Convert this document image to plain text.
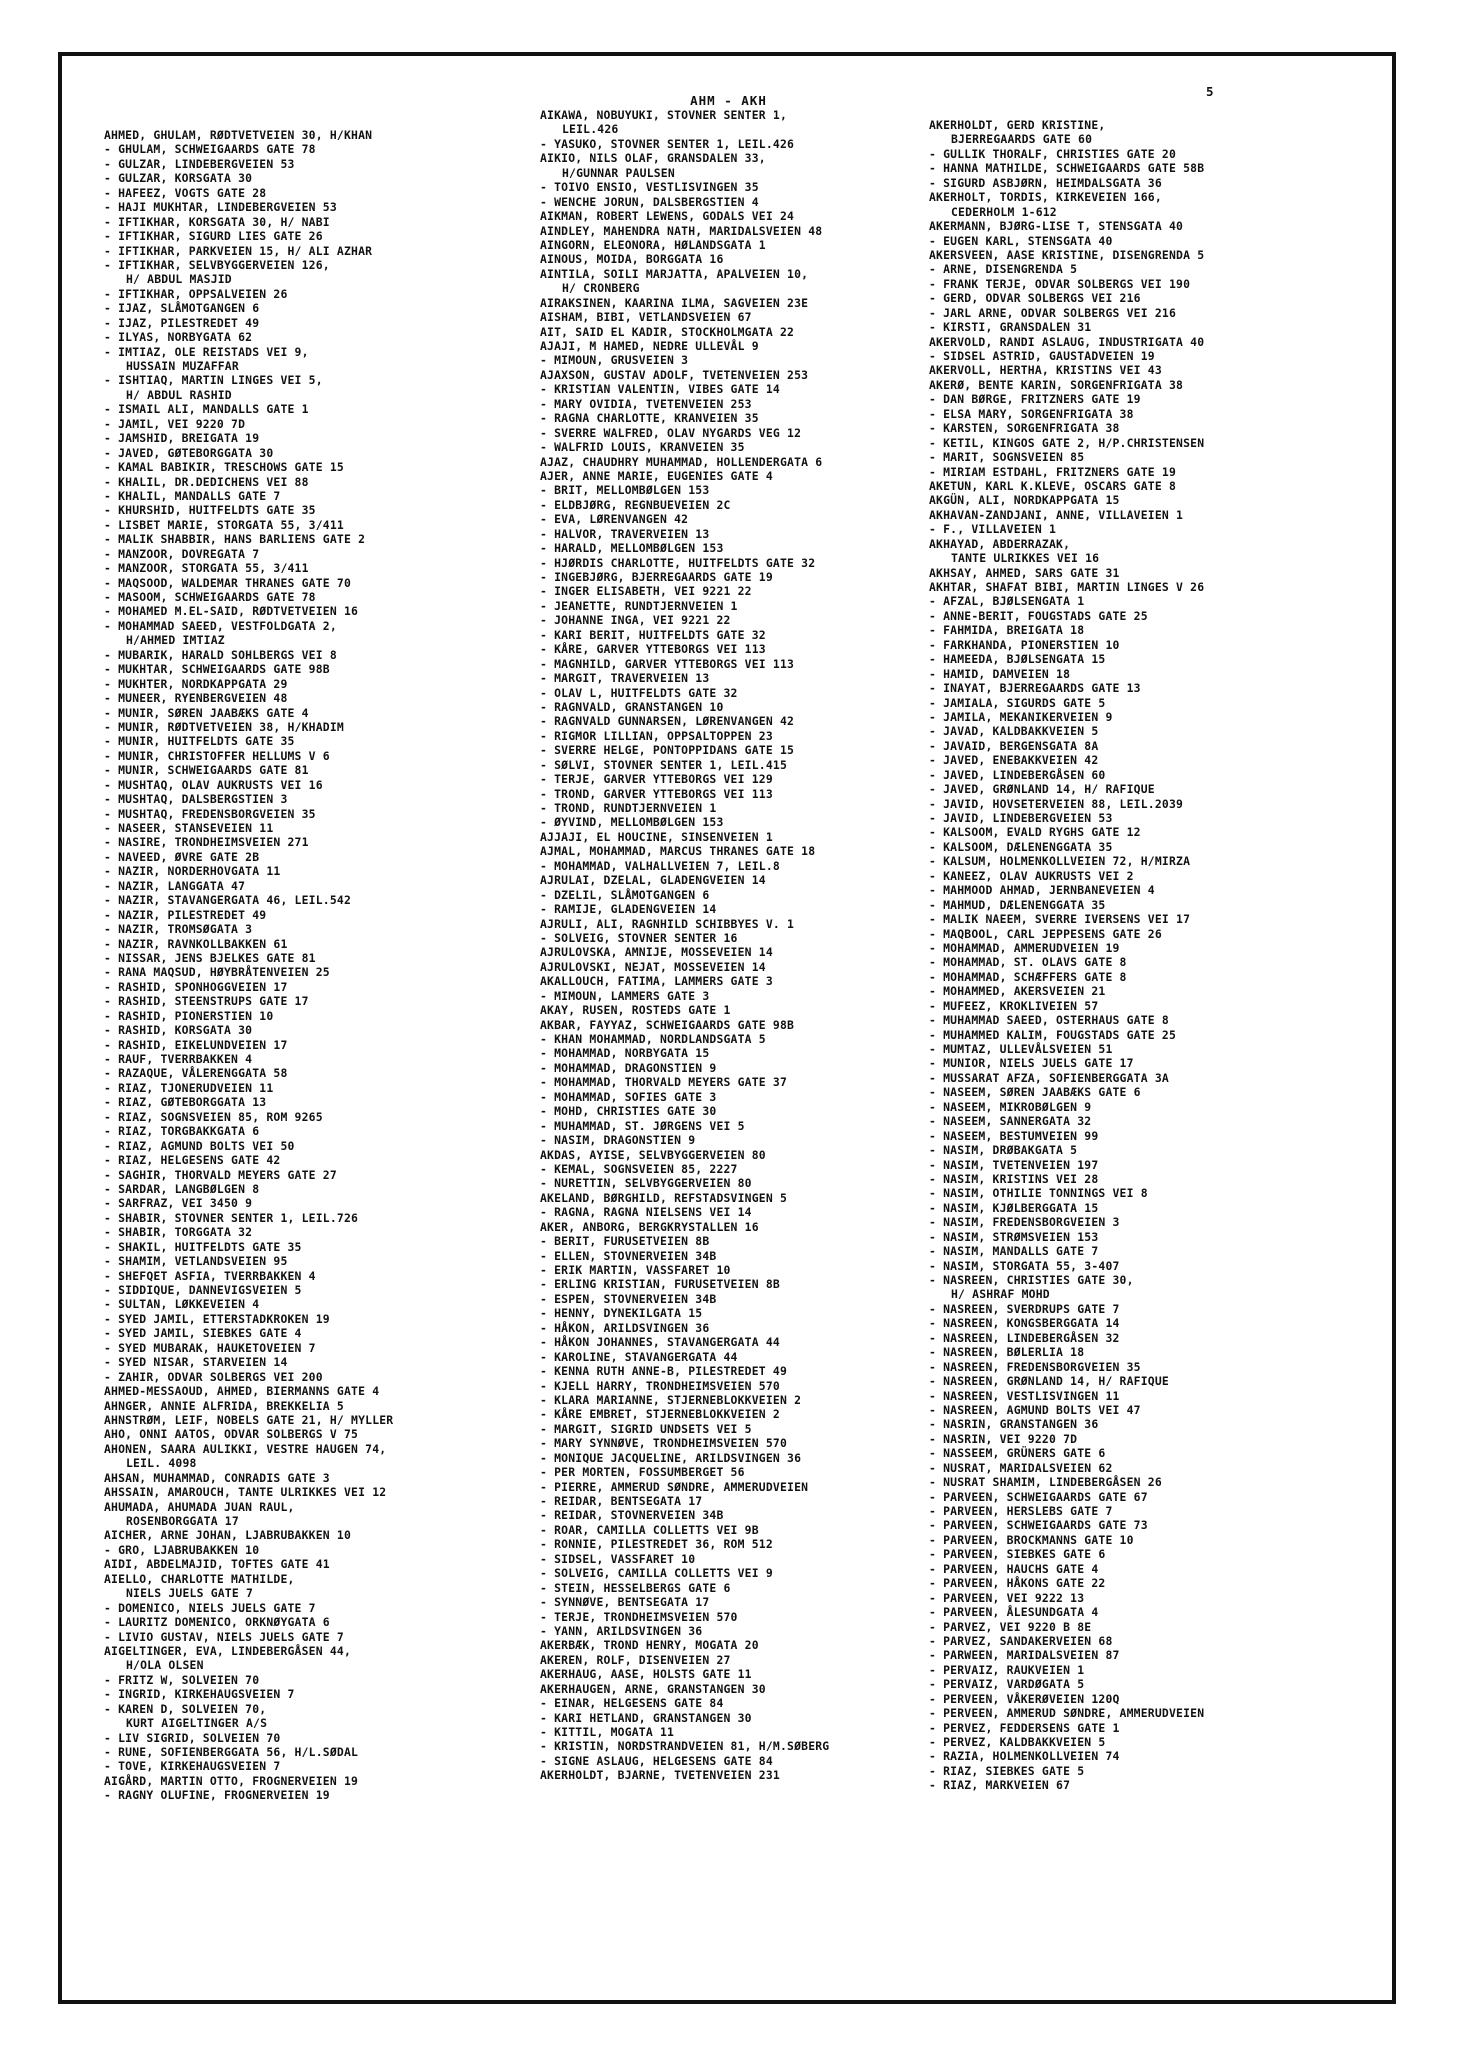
AHM - AKH
5
AHMED, GHULAM, RØDTVETVEIEN 30, H/KHAN
- GHULAM, SCHWEIGAARDS GATE 78
- GULZAR, LINDEBERGVEIEN 53
- GULZAR, KORSGATA 30
- HAFEEZ, VOGTS GATE 28
- HAJI MUKHTAR, LINDEBERGVEIEN 53
- IFTIKHAR, KORSGATA 30, H/ NABI
- IFTIKHAR, SIGURD LIES GATE 26
- IFTIKHAR, PARKVEIEN 15, H/ ALI AZHAR
- IFTIKHAR, SELVBYGGERVEIEN 126,
H/ ABDUL MASJID
- IFTIKHAR, OPPSALVEIEN 26
- IJAZ, SLÅMOTGANGEN 6
- IJAZ, PILESTREDET 49
- ILYAS, NORBYGATA 62
- IMTIAZ, OLE REISTADS VEI 9,
HUSSAIN MUZAFFAR
- ISHTIAQ, MARTIN LINGES VEI 5,
H/ ABDUL RASHID
- ISMAIL ALI, MANDALLS GATE 1
- JAMIL, VEI 9220 7D
- JAMSHID, BREIGATA 19
- JAVED, GØTEBORGGATA 30
- KAMAL BABIKIR, TRESCHOWS GATE 15
- KHALIL, DR.DEDICHENS VEI 88
- KHALIL, MANDALLS GATE 7
- KHURSHID, HUITFELDTS GATE 35
- LISBET MARIE, STORGATA 55, 3/411
- MALIK SHABBIR, HANS BARLIENS GATE 2
- MANZOOR, DOVREGATA 7
- MANZOOR, STORGATA 55, 3/411
- MAQSOOD, WALDEMAR THRANES GATE 70
- MASOOM, SCHWEIGAARDS GATE 78
- MOHAMED M.EL-SAID, RØDTVETVEIEN 16
- MOHAMMAD SAEED, VESTFOLDGATA 2,
H/AHMED IMTIAZ
- MUBARIK, HARALD SOHLBERGS VEI 8
- MUKHTAR, SCHWEIGAARDS GATE 98B
- MUKHTER, NORDKAPPGATA 29
- MUNEER, RYENBERGVEIEN 48
- MUNIR, SØREN JAABÆKS GATE 4
- MUNIR, RØDTVETVEIEN 38, H/KHADIM
- MUNIR, HUITFELDTS GATE 35
- MUNIR, CHRISTOFFER HELLUMS V 6
- MUNIR, SCHWEIGAARDS GATE 81
- MUSHTAQ, OLAV AUKRUSTS VEI 16
- MUSHTAQ, DALSBERGSTIEN 3
- MUSHTAQ, FREDENSBORGVEIEN 35
- NASEER, STANSEVEIEN 11
- NASIRE, TRONDHEIMSVEIEN 271
- NAVEED, ØVRE GATE 2B
- NAZIR, NORDERHOVGATA 11
- NAZIR, LANGGATA 47
- NAZIR, STAVANGERGATA 46, LEIL.542
- NAZIR, PILESTREDET 49
- NAZIR, TROMSØGATA 3
- NAZIR, RAVNKOLLBAKKEN 61
- NISSAR, JENS BJELKES GATE 81
- RANA MAQSUD, HØYBRÅTENVEIEN 25
- RASHID, SPONHOGGVEIEN 17
- RASHID, STEENSTRUPS GATE 17
- RASHID, PIONERSTIEN 10
- RASHID, KORSGATA 30
- RASHID, EIKELUNDVEIEN 17
- RAUF, TVERRBAKKEN 4
- RAZAQUE, VÅLERENGGATA 58
- RIAZ, TJONERUDVEIEN 11
- RIAZ, GØTEBORGGATA 13
- RIAZ, SOGNSVEIEN 85, ROM 9265
- RIAZ, TORGBAKKGATA 6
- RIAZ, AGMUND BOLTS VEI 50
- RIAZ, HELGESENS GATE 42
- SAGHIR, THORVALD MEYERS GATE 27
- SARDAR, LANGBØLGEN 8
- SARFRAZ, VEI 3450 9
- SHABIR, STOVNER SENTER 1, LEIL.726
- SHABIR, TORGGATA 32
- SHAKIL, HUITFELDTS GATE 35
- SHAMIM, VETLANDSVEIEN 95
- SHEFQET ASFIA, TVERRBAKKEN 4
- SIDDIQUE, DANNEVIGSVEIEN 5
- SULTAN, LØKKEVEIEN 4
- SYED JAMIL, ETTERSTADKROKEN 19
- SYED JAMIL, SIEBKES GATE 4
- SYED MUBARAK, HAUKETOVEIEN 7
- SYED NISAR, STARVEIEN 14
- ZAHIR, ODVAR SOLBERGS VEI 200
AHMED-MESSAOUD, AHMED, BIERMANNS GATE 4
AHNGER, ANNIE ALFRIDA, BREKKELIA 5
AHNSTRØM, LEIF, NOBELS GATE 21, H/ MYLLER
AHO, ONNI AATOS, ODVAR SOLBERGS V 75
AHONEN, SAARA AULIKKI, VESTRE HAUGEN 74,
LEIL. 4098
AHSAN, MUHAMMAD, CONRADIS GATE 3
AHSSAIN, AMAROUCH, TANTE ULRIKKES VEI 12
AHUMADA, AHUMADA JUAN RAUL,
ROSENBORGGATA 17
AICHER, ARNE JOHAN, LJABRUBAKKEN 10
- GRO, LJABRUBAKKEN 10
AIDI, ABDELMAJID, TOFTES GATE 41
AIELLO, CHARLOTTE MATHILDE,
NIELS JUELS GATE 7
- DOMENICO, NIELS JUELS GATE 7
- LAURITZ DOMENICO, ORKNØYGATA 6
- LIVIO GUSTAV, NIELS JUELS GATE 7
AIGELTINGER, EVA, LINDEBERGÅSEN 44,
H/OLA OLSEN
- FRITZ W, SOLVEIEN 70
- INGRID, KIRKEHAUGSVEIEN 7
- KAREN D, SOLVEIEN 70,
KURT AIGELTINGER A/S
- LIV SIGRID, SOLVEIEN 70
- RUNE, SOFIENBERGGATA 56, H/L.SØDAL
- TOVE, KIRKEHAUGSVEIEN 7
AIGÅRD, MARTIN OTTO, FROGNERVEIEN 19
- RAGNY OLUFINE, FROGNERVEIEN 19
AIKAWA, NOBUYUKI, STOVNER SENTER 1,
LEIL.426
- YASUKO, STOVNER SENTER 1, LEIL.426
AIKIO, NILS OLAF, GRANSDALEN 33,
H/GUNNAR PAULSEN
- TOIVO ENSIO, VESTLISVINGEN 35
- WENCHE JORUN, DALSBERGSTIEN 4
AIKMAN, ROBERT LEWENS, GODALS VEI 24
AINDLEY, MAHENDRA NATH, MARIDALSVEIEN 48
AINGORN, ELEONORA, HØLANDSGATA 1
AINOUS, MOIDA, BORGGATA 16
AINTILA, SOILI MARJATTA, APALVEIEN 10,
H/ CRONBERG
AIRAKSINEN, KAARINA ILMA, SAGVEIEN 23E
AISHAM, BIBI, VETLANDSVEIEN 67
AIT, SAID EL KADIR, STOCKHOLMGATA 22
AJAJI, M HAMED, NEDRE ULLEVÅL 9
- MIMOUN, GRUSVEIEN 3
AJAXSON, GUSTAV ADOLF, TVETENVEIEN 253
- KRISTIAN VALENTIN, VIBES GATE 14
- MARY OVIDIA, TVETENVEIEN 253
- RAGNA CHARLOTTE, KRANVEIEN 35
- SVERRE WALFRED, OLAV NYGARDS VEG 12
- WALFRID LOUIS, KRANVEIEN 35
AJAZ, CHAUDHRY MUHAMMAD, HOLLENDERGATA 6
AJER, ANNE MARIE, EUGENIES GATE 4
- BRIT, MELLOMBØLGEN 153
- ELDBJØRG, REGNBUEVEIEN 2C
- EVA, LØRENVANGEN 42
- HALVOR, TRAVERVEIEN 13
- HARALD, MELLOMBØLGEN 153
- HJØRDIS CHARLOTTE, HUITFELDTS GATE 32
- INGEBJØRG, BJERREGAARDS GATE 19
- INGER ELISABETH, VEI 9221 22
- JEANETTE, RUNDTJERNVEIEN 1
- JOHANNE INGA, VEI 9221 22
- KARI BERIT, HUITFELDTS GATE 32
- KÅRE, GARVER YTTEBORGS VEI 113
- MAGNHILD, GARVER YTTEBORGS VEI 113
- MARGIT, TRAVERVEIEN 13
- OLAV L, HUITFELDTS GATE 32
- RAGNVALD, GRANSTANGEN 10
- RAGNVALD GUNNARSEN, LØRENVANGEN 42
- RIGMOR LILLIAN, OPPSALTOPPEN 23
- SVERRE HELGE, PONTOPPIDANS GATE 15
- SØLVI, STOVNER SENTER 1, LEIL.415
- TERJE, GARVER YTTEBORGS VEI 129
- TROND, GARVER YTTEBORGS VEI 113
- TROND, RUNDTJERNVEIEN 1
- ØYVIND, MELLOMBØLGEN 153
AJJAJI, EL HOUCINE, SINSENVEIEN 1
AJMAL, MOHAMMAD, MARCUS THRANES GATE 18
- MOHAMMAD, VALHALLVEIEN 7, LEIL.8
AJRULAI, DZELAL, GLADENGVEIEN 14
- DZELIL, SLÅMOTGANGEN 6
- RAMIJE, GLADENGVEIEN 14
AJRULI, ALI, RAGNHILD SCHIBBYES V. 1
- SOLVEIG, STOVNER SENTER 16
AJRULOVSKA, AMNIJE, MOSSEVEIEN 14
AJRULOVSKI, NEJAT, MOSSEVEIEN 14
AKALLOUCH, FATIMA, LAMMERS GATE 3
- MIMOUN, LAMMERS GATE 3
AKAY, RUSEN, ROSTEDS GATE 1
AKBAR, FAYYAZ, SCHWEIGAARDS GATE 98B
- KHAN MOHAMMAD, NORDLANDSGATA 5
- MOHAMMAD, NORBYGATA 15
- MOHAMMAD, DRAGONSTIEN 9
- MOHAMMAD, THORVALD MEYERS GATE 37
- MOHAMMAD, SOFIES GATE 3
- MOHD, CHRISTIES GATE 30
- MUHAMMAD, ST. JØRGENS VEI 5
- NASIM, DRAGONSTIEN 9
AKDAS, AYISE, SELVBYGGERVEIEN 80
- KEMAL, SOGNSVEIEN 85, 2227
- NURETTIN, SELVBYGGERVEIEN 80
AKELAND, BØRGHILD, REFSTADSVINGEN 5
- RAGNA, RAGNA NIELSENS VEI 14
AKER, ANBORG, BERGKRYSTALLEN 16
- BERIT, FURUSETVEIEN 8B
- ELLEN, STOVNERVEIEN 34B
- ERIK MARTIN, VASSFARET 10
- ERLING KRISTIAN, FURUSETVEIEN 8B
- ESPEN, STOVNERVEIEN 34B
- HENNY, DYNEKILGATA 15
- HÅKON, ARILDSVINGEN 36
- HÅKON JOHANNES, STAVANGERGATA 44
- KAROLINE, STAVANGERGATA 44
- KENNA RUTH ANNE-B, PILESTREDET 49
- KJELL HARRY, TRONDHEIMSVEIEN 570
- KLARA MARIANNE, STJERNEBLOKKVEIEN 2
- KÅRE EMBRET, STJERNEBLOKKVEIEN 2
- MARGIT, SIGRID UNDSETS VEI 5
- MARY SYNNØVE, TRONDHEIMSVEIEN 570
- MONIQUE JACQUELINE, ARILDSVINGEN 36
- PER MORTEN, FOSSUMBERGET 56
- PIERRE, AMMERUD SØNDRE, AMMERUDVEIEN
- REIDAR, BENTSEGATA 17
- REIDAR, STOVNERVEIEN 34B
- ROAR, CAMILLA COLLETTS VEI 9B
- RONNIE, PILESTREDET 36, ROM 512
- SIDSEL, VASSFARET 10
- SOLVEIG, CAMILLA COLLETTS VEI 9
- STEIN, HESSELBERGS GATE 6
- SYNNØVE, BENTSEGATA 17
- TERJE, TRONDHEIMSVEIEN 570
- YANN, ARILDSVINGEN 36
AKERBÆK, TROND HENRY, MOGATA 20
AKEREN, ROLF, DISENVEIEN 27
AKERHAUG, AASE, HOLSTS GATE 11
AKERHAUGEN, ARNE, GRANSTANGEN 30
- EINAR, HELGESENS GATE 84
- KARI HETLAND, GRANSTANGEN 30
- KITTIL, MOGATA 11
- KRISTIN, NORDSTRANDVEIEN 81, H/M.SØBERG
- SIGNE ASLAUG, HELGESENS GATE 84
AKERHOLDT, BJARNE, TVETENVEIEN 231
AKERHOLDT, GERD KRISTINE,
BJERREGAARDS GATE 60
- GULLIK THORALF, CHRISTIES GATE 20
- HANNA MATHILDE, SCHWEIGAARDS GATE 58B
- SIGURD ASBJØRN, HEIMDALSGATA 36
AKERHOLT, TORDIS, KIRKEVEIEN 166,
CEDERHOLM 1-612
AKERMANN, BJØRG-LISE T, STENSGATA 40
- EUGEN KARL, STENSGATA 40
AKERSVEEN, AASE KRISTINE, DISENGRENDA 5
- ARNE, DISENGRENDA 5
- FRANK TERJE, ODVAR SOLBERGS VEI 190
- GERD, ODVAR SOLBERGS VEI 216
- JARL ARNE, ODVAR SOLBERGS VEI 216
- KIRSTI, GRANSDALEN 31
AKERVOLD, RANDI ASLAUG, INDUSTRIGATA 40
- SIDSEL ASTRID, GAUSTADVEIEN 19
AKERVOLL, HERTHA, KRISTINS VEI 43
AKERØ, BENTE KARIN, SORGENFRIGATA 38
- DAN BØRGE, FRITZNERS GATE 19
- ELSA MARY, SORGENFRIGATA 38
- KARSTEN, SORGENFRIGATA 38
- KETIL, KINGOS GATE 2, H/P.CHRISTENSEN
- MARIT, SOGNSVEIEN 85
- MIRIAM ESTDAHL, FRITZNERS GATE 19
AKETUN, KARL K.KLEVE, OSCARS GATE 8
AKGÜN, ALI, NORDKAPPGATA 15
AKHAVAN-ZANDJANI, ANNE, VILLAVEIEN 1
- F., VILLAVEIEN 1
AKHAYAD, ABDERRAZAK,
TANTE ULRIKKES VEI 16
AKHSAY, AHMED, SARS GATE 31
AKHTAR, SHAFAT BIBI, MARTIN LINGES V 26
- AFZAL, BJØLSENGATA 1
- ANNE-BERIT, FOUGSTADS GATE 25
- FAHMIDA, BREIGATA 18
- FARKHANDA, PIONERSTIEN 10
- HAMEEDA, BJØLSENGATA 15
- HAMID, DAMVEIEN 18
- INAYAT, BJERREGAARDS GATE 13
- JAMIALA, SIGURDS GATE 5
- JAMILA, MEKANIKERVEIEN 9
- JAVAD, KALDBAKKVEIEN 5
- JAVAID, BERGENSGATA 8A
- JAVED, ENEBAKKVEIEN 42
- JAVED, LINDEBERGÅSEN 60
- JAVED, GRØNLAND 14, H/ RAFIQUE
- JAVID, HOVSETERVEIEN 88, LEIL.2039
- JAVID, LINDEBERGVEIEN 53
- KALSOOM, EVALD RYGHS GATE 12
- KALSOOM, DÆLENENGGATA 35
- KALSUM, HOLMENKOLLVEIEN 72, H/MIRZA
- KANEEZ, OLAV AUKRUSTS VEI 2
- MAHMOOD AHMAD, JERNBANEVEIEN 4
- MAHMUD, DÆLENENGGATA 35
- MALIK NAEEM, SVERRE IVERSENS VEI 17
- MAQBOOL, CARL JEPPESENS GATE 26
- MOHAMMAD, AMMERUDVEIEN 19
- MOHAMMAD, ST. OLAVS GATE 8
- MOHAMMAD, SCHÆFFERS GATE 8
- MOHAMMED, AKERSVEIEN 21
- MUFEEZ, KROKLIVEIEN 57
- MUHAMMAD SAEED, OSTERHAUS GATE 8
- MUHAMMED KALIM, FOUGSTADS GATE 25
- MUMTAZ, ULLEVÅLSVEIEN 51
- MUNIOR, NIELS JUELS GATE 17
- MUSSARAT AFZA, SOFIENBERGGATA 3A
- NASEEM, SØREN JAABÆKS GATE 6
- NASEEM, MIKROBØLGEN 9
- NASEEM, SANNERGATA 32
- NASEEM, BESTUMVEIEN 99
- NASIM, DRØBAKGATA 5
- NASIM, TVETENVEIEN 197
- NASIM, KRISTINS VEI 28
- NASIM, OTHILIE TONNINGS VEI 8
- NASIM, KJØLBERGGATA 15
- NASIM, FREDENSBORGVEIEN 3
- NASIM, STRØMSVEIEN 153
- NASIM, MANDALLS GATE 7
- NASIM, STORGATA 55, 3-407
- NASREEN, CHRISTIES GATE 30,
H/ ASHRAF MOHD
- NASREEN, SVERDRUPS GATE 7
- NASREEN, KONGSBERGGATA 14
- NASREEN, LINDEBERGÅSEN 32
- NASREEN, BØLERLIA 18
- NASREEN, FREDENSBORGVEIEN 35
- NASREEN, GRØNLAND 14, H/ RAFIQUE
- NASREEN, VESTLISVINGEN 11
- NASREEN, AGMUND BOLTS VEI 47
- NASRIN, GRANSTANGEN 36
- NASRIN, VEI 9220 7D
- NASSEEM, GRÜNERS GATE 6
- NUSRAT, MARIDALSVEIEN 62
- NUSRAT SHAMIM, LINDEBERGÅSEN 26
- PARVEEN, SCHWEIGAARDS GATE 67
- PARVEEN, HERSLEBS GATE 7
- PARVEEN, SCHWEIGAARDS GATE 73
- PARVEEN, BROCKMANNS GATE 10
- PARVEEN, SIEBKES GATE 6
- PARVEEN, HAUCHS GATE 4
- PARVEEN, HÅKONS GATE 22
- PARVEEN, VEI 9222 13
- PARVEEN, ÅLESUNDGATA 4
- PARVEZ, VEI 9220 B 8E
- PARVEZ, SANDAKERVEIEN 68
- PARWEEN, MARIDALSVEIEN 87
- PERVAIZ, RAUKVEIEN 1
- PERVAIZ, VARDØGATA 5
- PERVEEN, VÅKERØVEIEN 120Q
- PERVEEN, AMMERUD SØNDRE, AMMERUDVEIEN
- PERVEZ, FEDDERSENS GATE 1
- PERVEZ, KALDBAKKVEIEN 5
- RAZIA, HOLMENKOLLVEIEN 74
- RIAZ, SIEBKES GATE 5
- RIAZ, MARKVEIEN 67
